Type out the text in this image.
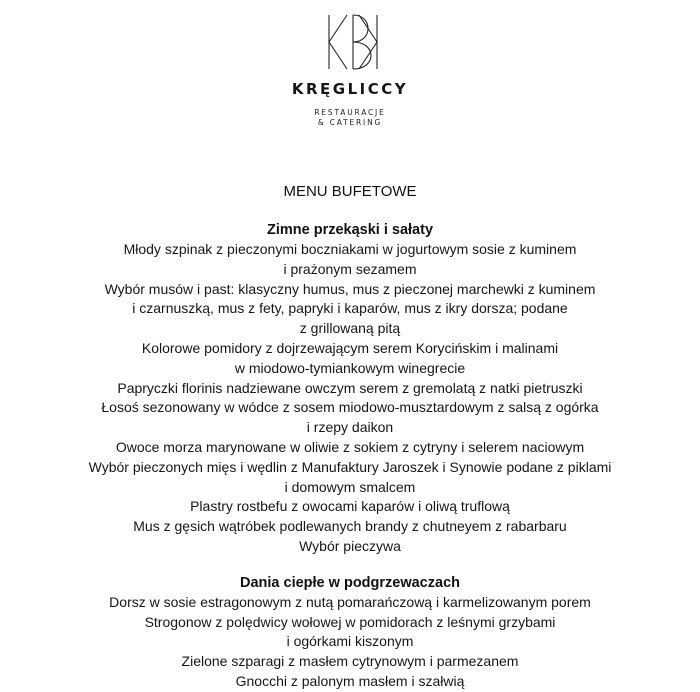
KRĘGLICCY
RESTAURACJE
& CATERING
MENU BUFETOWE
Zimne przekąski i sałaty
Młody szpinak z pieczonymi boczniakami w jogurtowym sosie z kuminem
i prażonym sezamem
Wybór musów i past: klasyczny humus, mus z pieczonej marchewki z kuminem
i czarnuszką, mus z fety, papryki i kaparów, mus z ikry dorsza; podane
z grillowaną pitą
Kolorowe pomidory z dojrzewającym serem Korycińskim i malinami
w miodowo-tymiankowym winegrecie
Papryczki florinis nadziewane owczym serem z gremolatą z natki pietruszki
Łosoś sezonowany w wódce z sosem miodowo-musztardowym z salsą z ogórka
i rzepy daikon
Owoce morza marynowane w oliwie z sokiem z cytryny i selerem naciowym
Wybór pieczonych mięs i wędlin z Manufaktury Jaroszek i Synowie podane z piklami
i domowym smalcem
Plastry rostbefu z owocami kaparów i oliwą truflową
Mus z gęsich wątróbek podlewanych brandy z chutneyem z rabarbaru
Wybór pieczywa
Dania ciepłe w podgrzewaczach
Dorsz w sosie estragonowym z nutą pomarańczową i karmelizowanym porem
Strogonow z polędwicy wołowej w pomidorach z leśnymi grzybami
i ogórkami kiszonym
Zielone szparagi z masłem cytrynowym i parmezanem
Gnocchi z palonym masłem i szałwią
